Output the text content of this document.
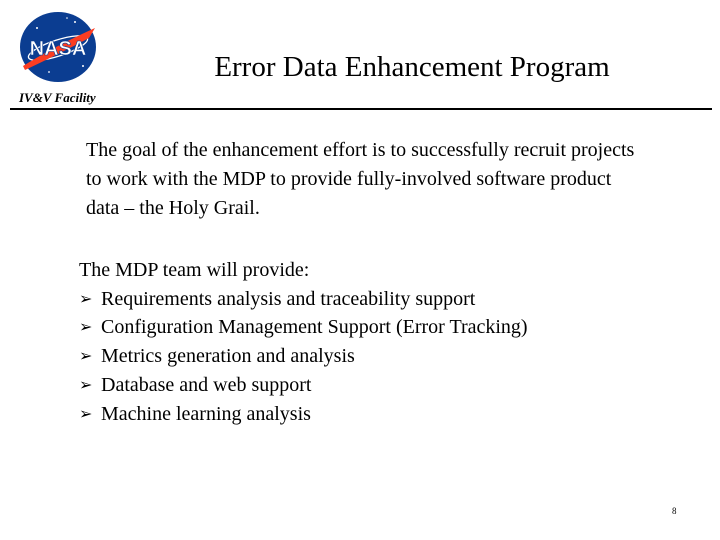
NASA
Error Data Enhancement Program
IV&V Facility

The goal of the enhancement effort is to successfully recruit projects to work with the MDP to provide fully-involved software product data – the Holy Grail.

The MDP team will provide:
➢ Requirements analysis and traceability support
➢ Configuration Management Support (Error Tracking)
➢ Metrics generation and analysis
➢ Database and web support
➢ Machine learning analysis
8
